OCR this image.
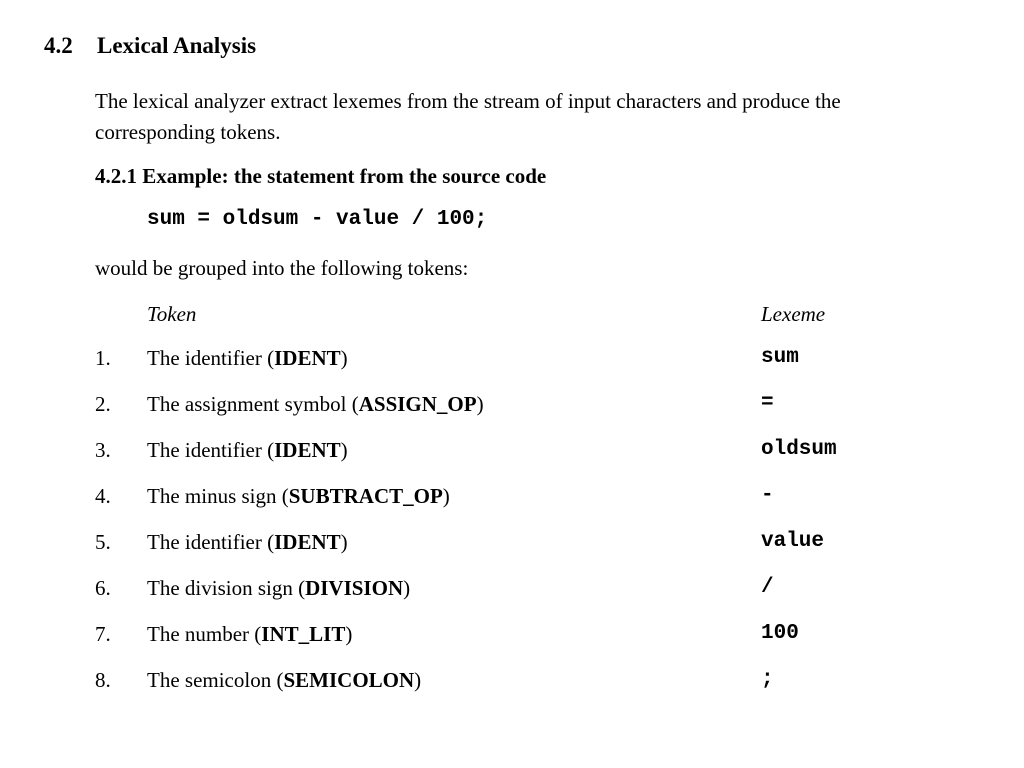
4.2 Lexical Analysis
The lexical analyzer extract lexemes from the stream of input characters and produce the corresponding tokens.
4.2.1 Example: the statement from the source code
sum = oldsum - value / 100;
would be grouped into the following tokens:
Token	Lexeme
1. The identifier (IDENT)	sum
2. The assignment symbol (ASSIGN_OP)	=
3. The identifier (IDENT)	oldsum
4. The minus sign (SUBTRACT_OP)	-
5. The identifier (IDENT)	value
6. The division sign (DIVISION)	/
7. The number (INT_LIT)	100
8. The semicolon (SEMICOLON)	;
